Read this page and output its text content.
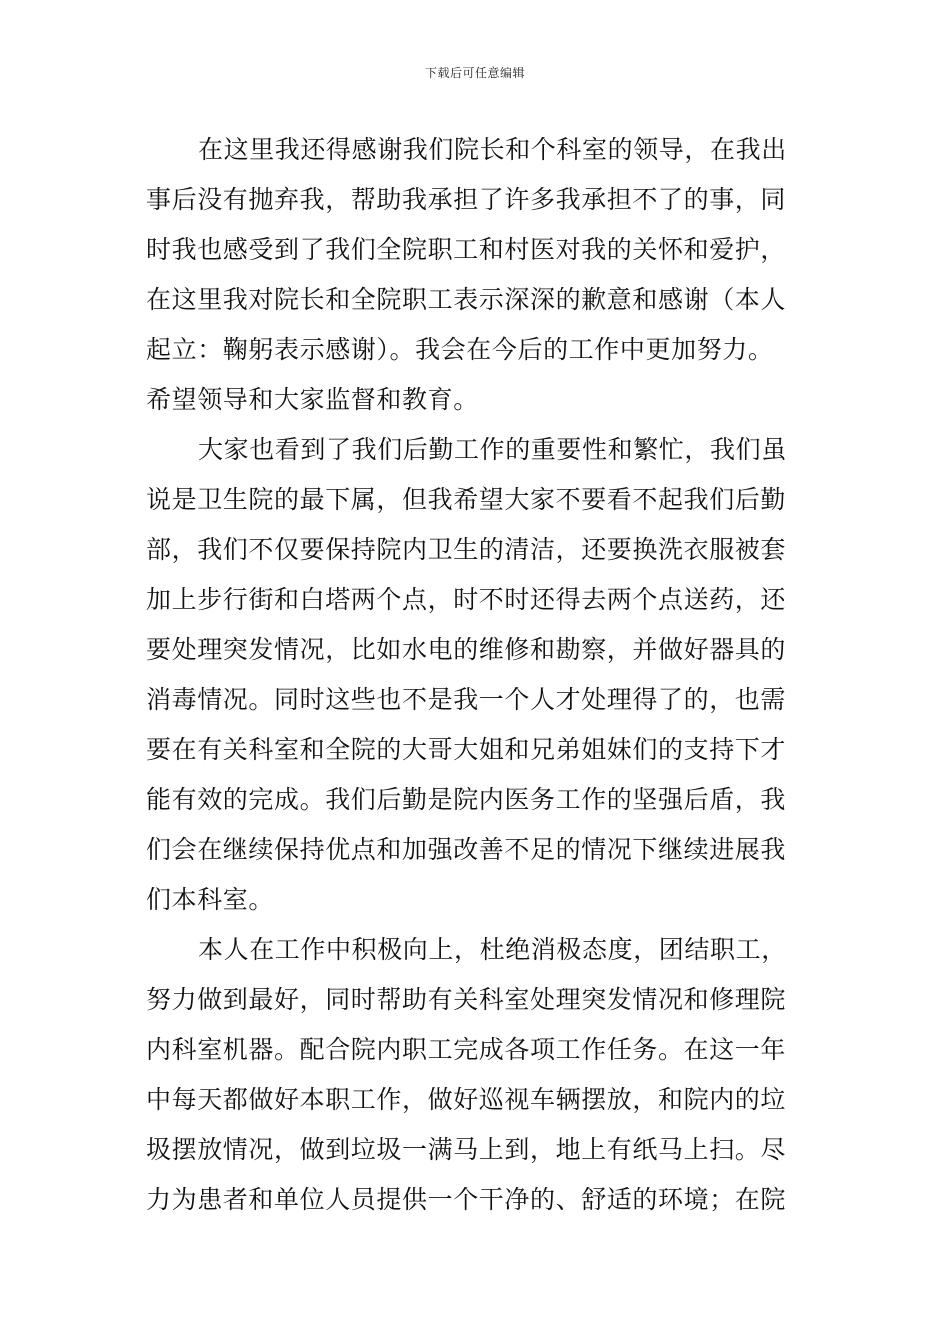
下载后可任意编辑
在这里我还得感谢我们院长和个科室的领导，在我出
事后没有抛弃我，帮助我承担了许多我承担不了的事，同
时我也感受到了我们全院职工和村医对我的关怀和爱护，
在这里我对院长和全院职工表示深深的歉意和感谢（本人
起立：鞠躬表示感谢）。我会在今后的工作中更加努力。
希望领导和大家监督和教育。
大家也看到了我们后勤工作的重要性和繁忙，我们虽
说是卫生院的最下属，但我希望大家不要看不起我们后勤
部，我们不仅要保持院内卫生的清洁，还要换洗衣服被套
加上步行街和白塔两个点，时不时还得去两个点送药，还
要处理突发情况，比如水电的维修和勘察，并做好器具的
消毒情况。同时这些也不是我一个人才处理得了的，也需
要在有关科室和全院的大哥大姐和兄弟姐妹们的支持下才
能有效的完成。我们后勤是院内医务工作的坚强后盾，我
们会在继续保持优点和加强改善不足的情况下继续进展我
们本科室。
本人在工作中积极向上，杜绝消极态度，团结职工，
努力做到最好，同时帮助有关科室处理突发情况和修理院
内科室机器。配合院内职工完成各项工作任务。在这一年
中每天都做好本职工作，做好巡视车辆摆放，和院内的垃
圾摆放情况，做到垃圾一满马上到，地上有纸马上扫。尽
力为患者和单位人员提供一个干净的、舒适的环境；在院
